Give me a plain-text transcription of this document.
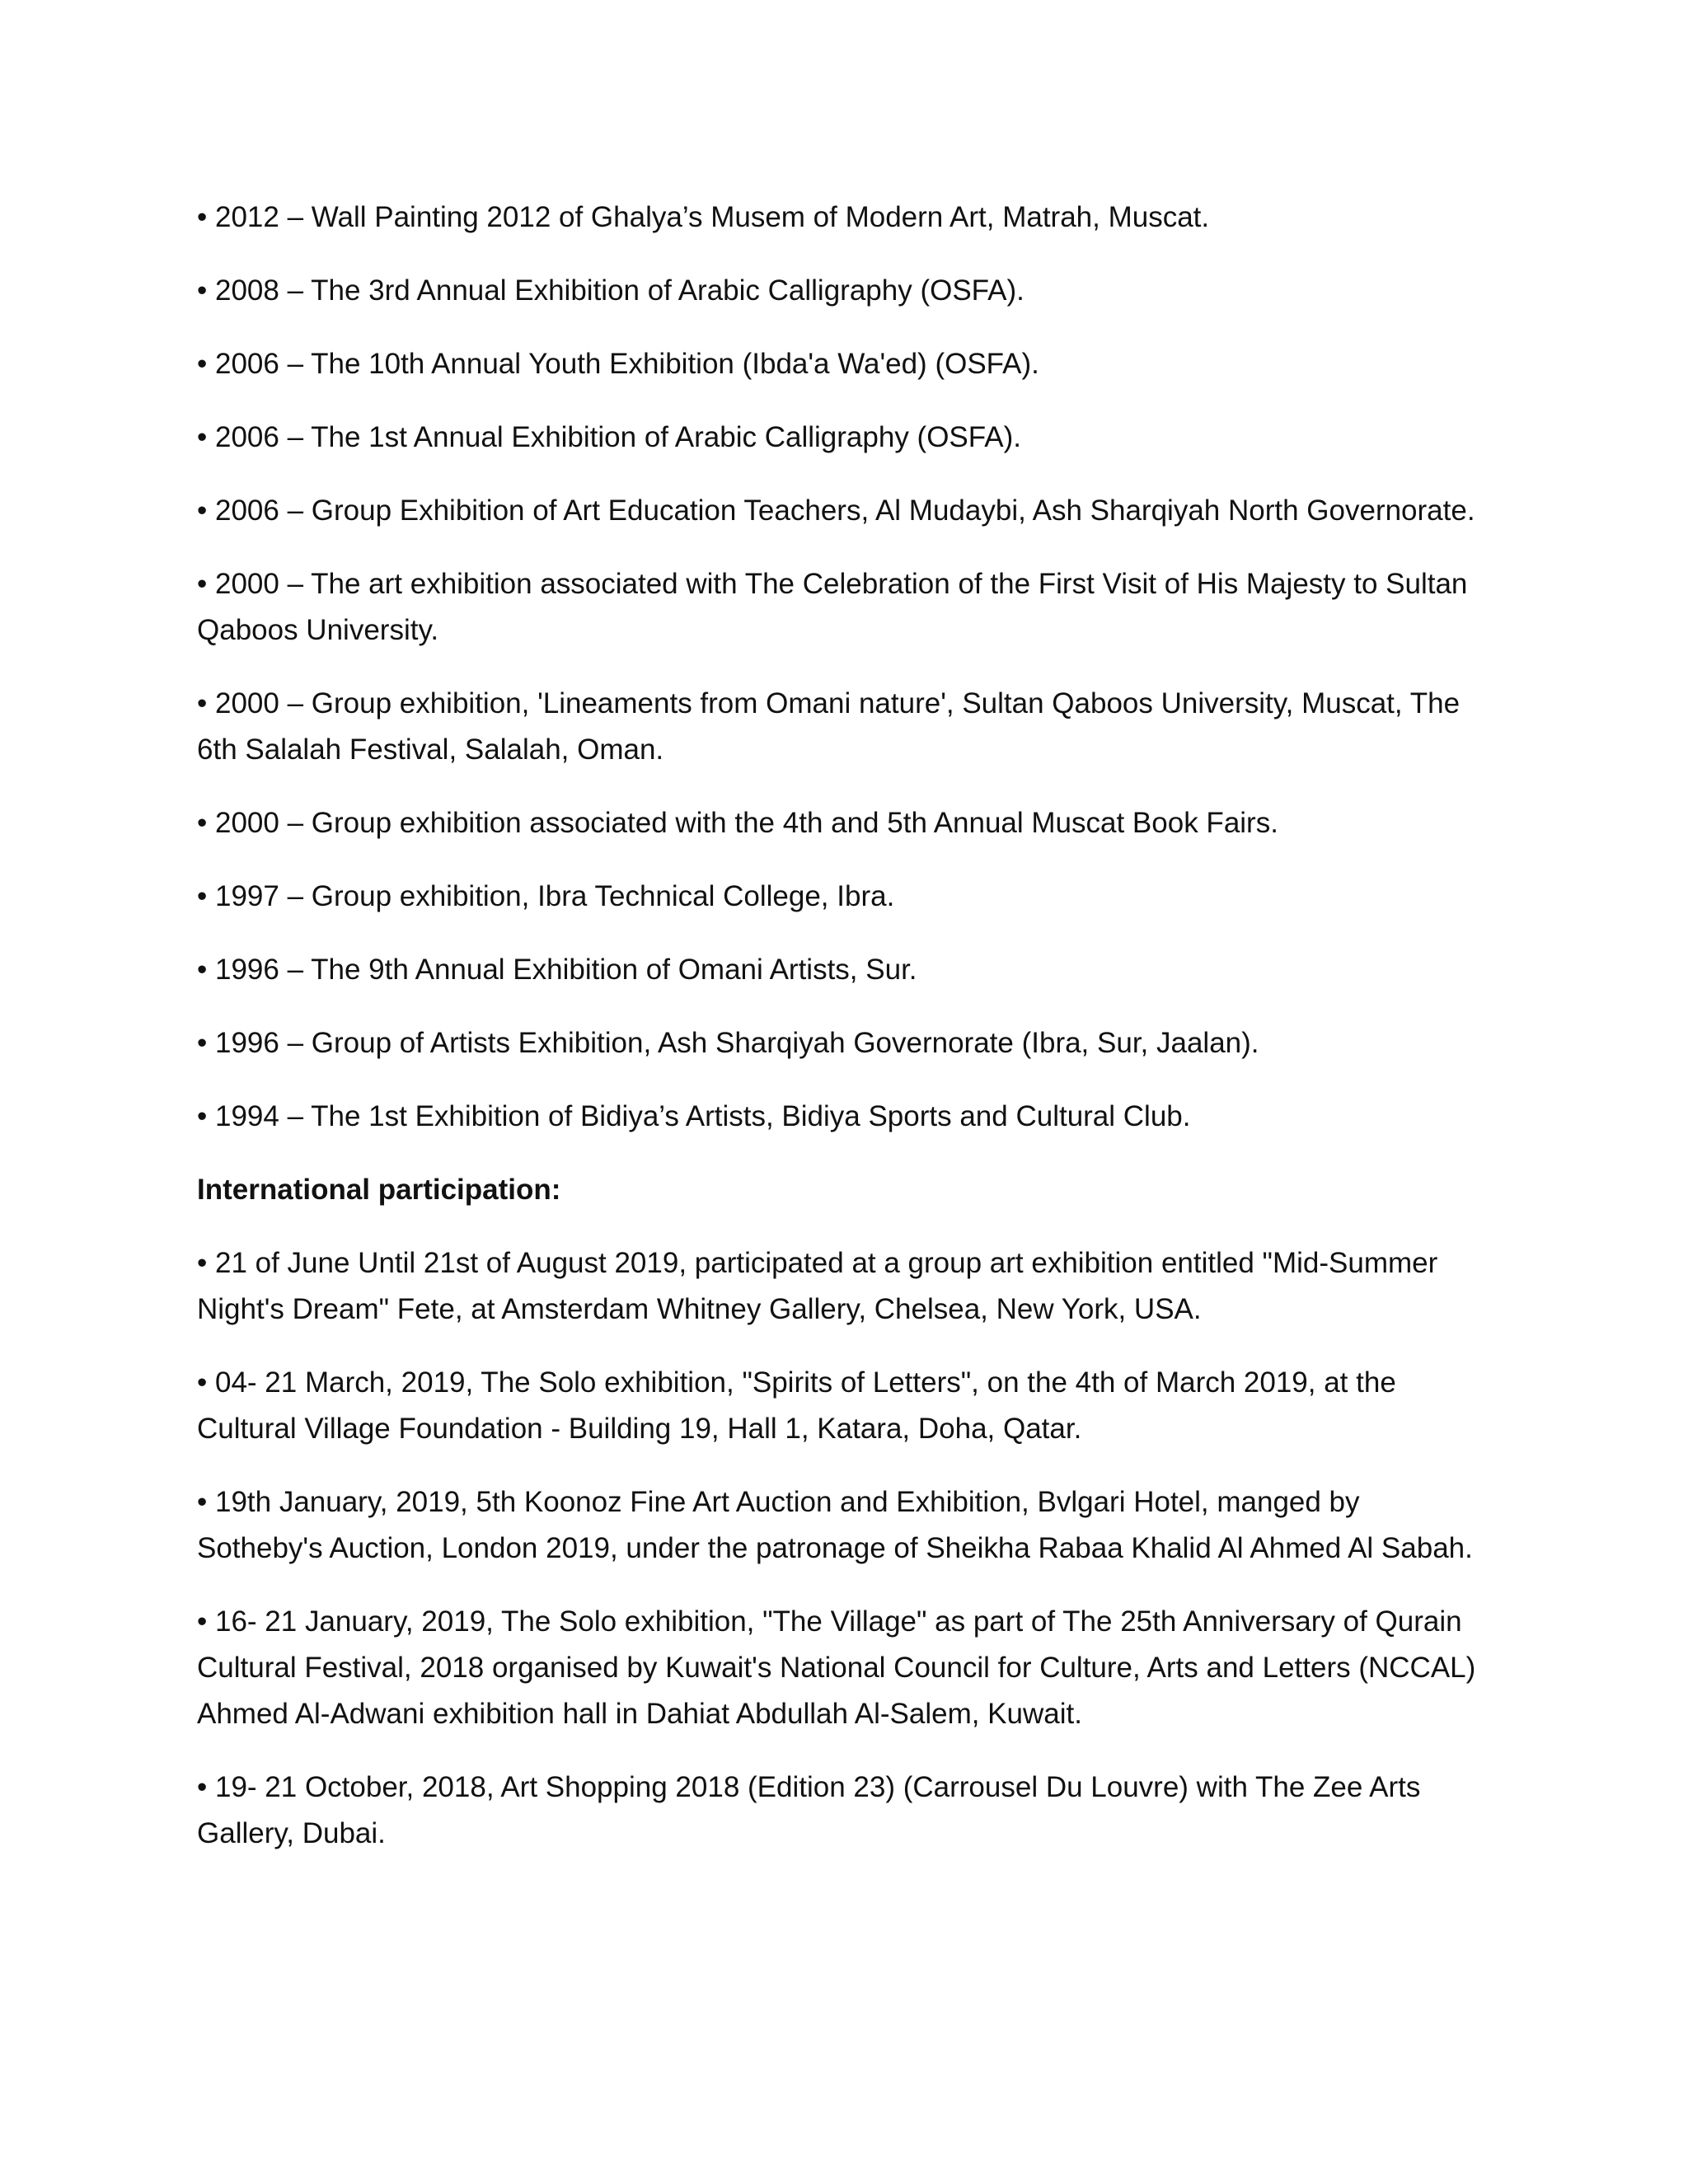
• 2012 – Wall Painting 2012 of Ghalya’s Musem of Modern Art, Matrah, Muscat.

• 2008 – The 3rd Annual Exhibition of Arabic Calligraphy (OSFA).

• 2006 – The 10th Annual Youth Exhibition (Ibda'a Wa'ed) (OSFA).

• 2006 – The 1st Annual Exhibition of Arabic Calligraphy (OSFA).

• 2006 – Group Exhibition of Art Education Teachers, Al Mudaybi, Ash Sharqiyah North Governorate.

• 2000 – The art exhibition associated with The Celebration of the First Visit of His Majesty to Sultan Qaboos University.

• 2000 – Group exhibition, 'Lineaments from Omani nature', Sultan Qaboos University, Muscat, The 6th Salalah Festival, Salalah, Oman.

• 2000 – Group exhibition associated with the 4th and 5th Annual Muscat Book Fairs.

• 1997 – Group exhibition, Ibra Technical College, Ibra.

• 1996 – The 9th Annual Exhibition of Omani Artists, Sur.

• 1996 – Group of Artists Exhibition, Ash Sharqiyah Governorate (Ibra, Sur, Jaalan).

• 1994 – The 1st Exhibition of Bidiya’s Artists, Bidiya Sports and Cultural Club.

International participation:

• 21 of June Until 21st of August 2019, participated at a group art exhibition entitled "Mid-Summer Night's Dream" Fete, at Amsterdam Whitney Gallery, Chelsea, New York, USA.

• 04- 21 March, 2019, The Solo exhibition, "Spirits of Letters", on the 4th of March 2019, at the Cultural Village Foundation - Building 19, Hall 1, Katara, Doha, Qatar.

• 19th January, 2019, 5th Koonoz Fine Art Auction and Exhibition, Bvlgari Hotel, manged by Sotheby's Auction, London 2019, under the patronage of Sheikha Rabaa Khalid Al Ahmed Al Sabah.

• 16- 21 January, 2019, The Solo exhibition, "The Village" as part of The 25th Anniversary of Qurain Cultural Festival, 2018 organised by Kuwait's National Council for Culture, Arts and Letters (NCCAL) Ahmed Al-Adwani exhibition hall in Dahiat Abdullah Al-Salem, Kuwait.

• 19- 21 October, 2018, Art Shopping 2018 (Edition 23) (Carrousel Du Louvre) with The Zee Arts Gallery, Dubai.
